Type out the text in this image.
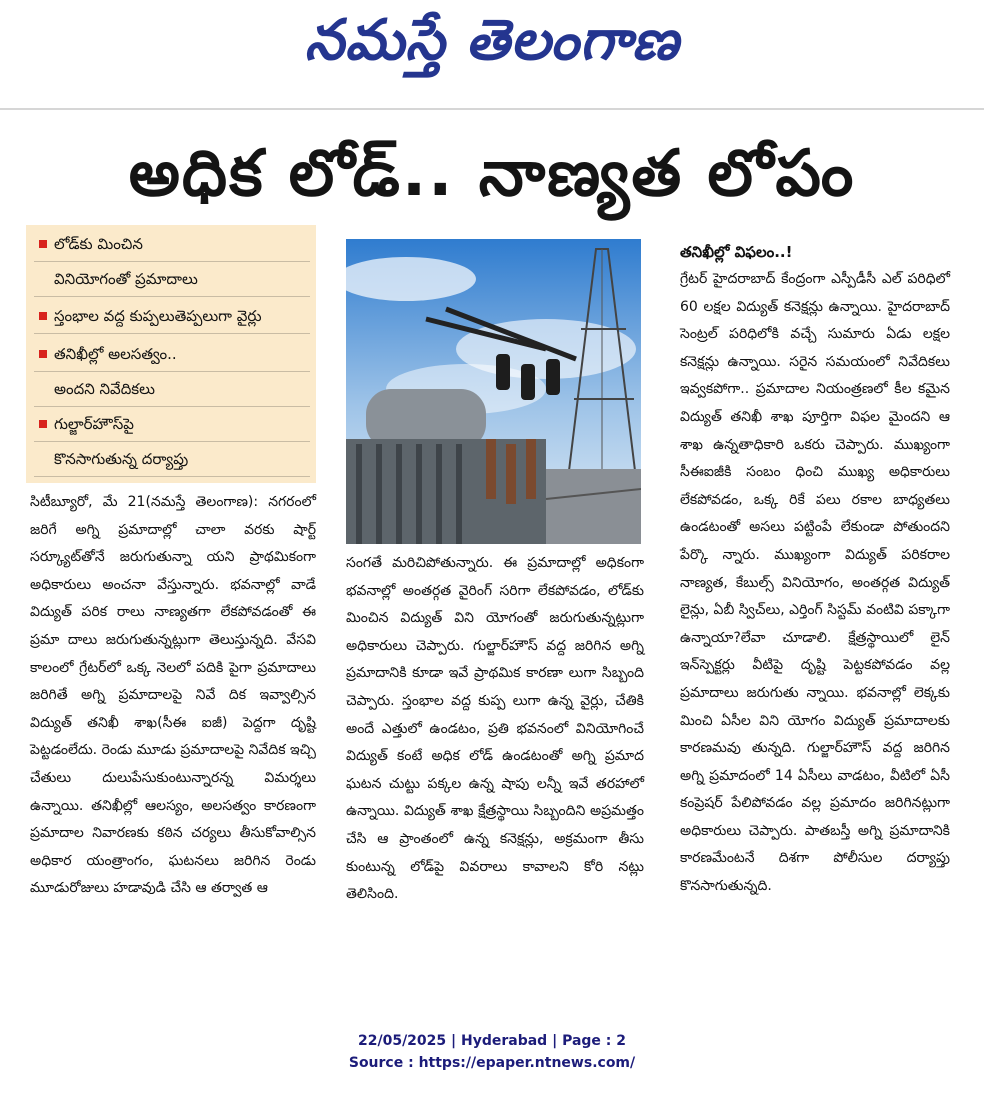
నమస్తే తెలంగాణ
అధిక లోడ్.. నాణ్యత లోపం
లోడ్‌కు మించిన
వినియోగంతో ప్రమాదాలు
స్తంభాల వద్ద కుప్పలుతెప్పలుగా వైర్లు
తనిఖీల్లో అలసత్వం..
అందని నివేదికలు
గుల్జార్‌హౌస్‌పై
కొనసాగుతున్న దర్యాప్తు

సిటీబ్యూరో, మే 21(నమస్తే తెలంగాణ): నగరంలో జరిగే అగ్ని ప్రమాదాల్లో చాలా వరకు షార్ట్ సర్క్యూట్‌తోనే జరుగుతున్నా యని ప్రాథమికంగా అధికారులు అంచనా వేస్తున్నారు. భవనాల్లో వాడే విద్యుత్ పరిక రాలు నాణ్యతగా లేకపోవడంతో ఈ ప్రమా దాలు జరుగుతున్నట్లుగా తెలుస్తున్నది. వేసవి కాలంలో గ్రేటర్‌లో ఒక్క నెలలో పదికి పైగా ప్రమాదాలు జరిగితే అగ్ని ప్రమాదాలపై నివే దిక ఇవ్వాల్సిన విద్యుత్ తనిఖీ శాఖ(సీఈ ఐజీ) పెద్దగా దృష్టి పెట్టడంలేదు. రెండు మూడు ప్రమాదాలపై నివేదిక ఇచ్చి చేతులు దులుపేసుకుంటున్నారన్న విమర్శలు ఉన్నాయి. తనిఖీల్లో ఆలస్యం, అలసత్వం కారణంగా ప్రమాదాల నివారణకు కఠిన చర్యలు తీసుకోవాల్సిన అధికార యంత్రాంగం, ఘటనలు జరిగిన రెండు మూడురోజులు హడావుడి చేసి ఆ తర్వాత ఆ

సంగతే మరిచిపోతున్నారు. ఈ ప్రమాదాల్లో అధికంగా భవనాల్లో అంతర్గత వైరింగ్ సరిగా లేకపోవడం, లోడ్‌కు మించిన విద్యుత్ విని యోగంతో జరుగుతున్నట్లుగా అధికారులు చెప్పారు. గుల్జార్‌హౌస్ వద్ద జరిగిన అగ్ని ప్రమాదానికి కూడా ఇవే ప్రాథమిక కారణా లుగా సిబ్బంది చెప్పారు. స్తంభాల వద్ద కుప్ప లుగా ఉన్న వైర్లు, చేతికి అందే ఎత్తులో ఉండటం, ప్రతి భవనంలో వినియోగించే విద్యుత్ కంటే అధిక లోడ్ ఉండటంతో అగ్ని ప్రమాద ఘటన చుట్టు పక్కల ఉన్న షాపు లన్నీ ఇవే తరహాలో ఉన్నాయి. విద్యుత్ శాఖ క్షేత్రస్థాయి సిబ్బందిని అప్రమత్తం చేసి ఆ ప్రాంతంలో ఉన్న కనెక్షన్లు, అక్రమంగా తీసు కుంటున్న లోడ్‌పై వివరాలు కావాలని కోరి నట్లు తెలిసింది.

తనిఖీల్లో విఫలం..!

గ్రేటర్ హైదరాబాద్ కేంద్రంగా ఎస్పీడీసీ ఎల్ పరిధిలో 60 లక్షల విద్యుత్ కనెక్షన్లు ఉన్నాయి. హైదరాబాద్ సెంట్రల్ పరిధిలోకి వచ్చే సుమారు ఏడు లక్షల కనెక్షన్లు ఉన్నాయి. సరైన సమయంలో నివేదికలు ఇవ్వకపోగా.. ప్రమాదాల నియంత్రణలో కీల కమైన విద్యుత్ తనిఖీ శాఖ పూర్తిగా విఫల మైందని ఆ శాఖ ఉన్నతాధికారి ఒకరు చెప్పారు. ముఖ్యంగా సీఈఐజీకి సంబం ధించి ముఖ్య అధికారులు లేకపోవడం, ఒక్క రికే పలు రకాల బాధ్యతలు ఉండటంతో అసలు పట్టింపే లేకుండా పోతుందని పేర్కొ న్నారు. ముఖ్యంగా విద్యుత్ పరికరాల నాణ్యత, కేబుల్స్ వినియోగం, అంతర్గత విద్యుత్ లైన్లు, ఏబీ స్విచ్‌లు, ఎర్తింగ్ సిస్టమ్ వంటివి పక్కాగా ఉన్నాయా?లేవా చూడాలి. క్షేత్రస్థాయిలో లైన్ ఇన్‌స్పెక్టర్లు వీటిపై దృష్టి పెట్టకపోవడం వల్ల ప్రమాదాలు జరుగుతు న్నాయి. భవనాల్లో లెక్కకు మించి ఏసీల విని యోగం విద్యుత్ ప్రమాదాలకు కారణమవు తున్నది. గుల్జార్‌హౌస్ వద్ద జరిగిన అగ్ని ప్రమాదంలో 14 ఏసీలు వాడటం, వీటిలో ఏసీ కంప్రెషర్ పేలిపోవడం వల్ల ప్రమాదం జరిగినట్లుగా అధికారులు చెప్పారు. పాతబస్తీ అగ్ని ప్రమాదానికి కారణమేంటనే దిశగా పోలీసుల దర్యాప్తు కొనసాగుతున్నది.

22/05/2025 | Hyderabad | Page : 2
Source : https://epaper.ntnews.com/
